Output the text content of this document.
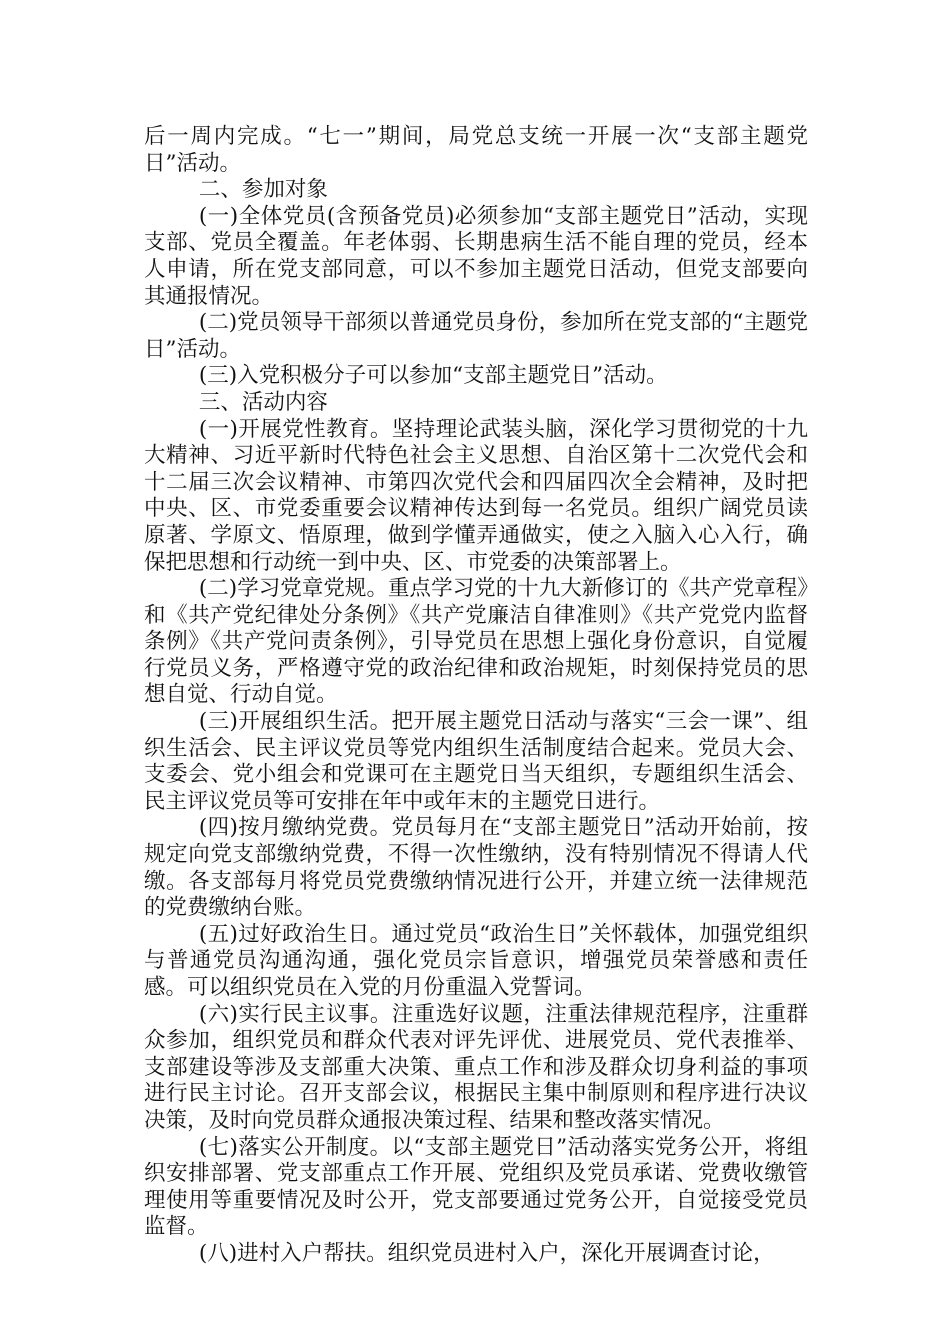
后一周内完成。“七一”期间，局党总支统一开展一次“支部主题党日”活动。

二、参加对象

(一)全体党员(含预备党员)必须参加“支部主题党日”活动，实现支部、党员全覆盖。年老体弱、长期患病生活不能自理的党员，经本人申请，所在党支部同意，可以不参加主题党日活动，但党支部要向其通报情况。

(二)党员领导干部须以普通党员身份，参加所在党支部的“主题党日”活动。

(三)入党积极分子可以参加“支部主题党日”活动。

三、活动内容

(一)开展党性教育。坚持理论武装头脑，深化学习贯彻党的十九大精神、习近平新时代特色社会主义思想、自治区第十二次党代会和十二届三次会议精神、市第四次党代会和四届四次全会精神，及时把中央、区、市党委重要会议精神传达到每一名党员。组织广阔党员读原著、学原文、悟原理，做到学懂弄通做实，使之入脑入心入行，确保把思想和行动统一到中央、区、市党委的决策部署上。

(二)学习党章党规。重点学习党的十九大新修订的《共产党章程》和《共产党纪律处分条例》《共产党廉洁自律准则》《共产党党内监督条例》《共产党问责条例》，引导党员在思想上强化身份意识，自觉履行党员义务，严格遵守党的政治纪律和政治规矩，时刻保持党员的思想自觉、行动自觉。

(三)开展组织生活。把开展主题党日活动与落实“三会一课”、组织生活会、民主评议党员等党内组织生活制度结合起来。党员大会、支委会、党小组会和党课可在主题党日当天组织，专题组织生活会、民主评议党员等可安排在年中或年末的主题党日进行。

(四)按月缴纳党费。党员每月在“支部主题党日”活动开始前，按规定向党支部缴纳党费，不得一次性缴纳，没有特别情况不得请人代缴。各支部每月将党员党费缴纳情况进行公开，并建立统一法律规范的党费缴纳台账。

(五)过好政治生日。通过党员“政治生日”关怀载体，加强党组织与普通党员沟通沟通，强化党员宗旨意识，增强党员荣誉感和责任感。可以组织党员在入党的月份重温入党誓词。

(六)实行民主议事。注重选好议题，注重法律规范程序，注重群众参加，组织党员和群众代表对评先评优、进展党员、党代表推举、支部建设等涉及支部重大决策、重点工作和涉及群众切身利益的事项进行民主讨论。召开支部会议，根据民主集中制原则和程序进行决议决策，及时向党员群众通报决策过程、结果和整改落实情况。

(七)落实公开制度。以“支部主题党日”活动落实党务公开，将组织安排部署、党支部重点工作开展、党组织及党员承诺、党费收缴管理使用等重要情况及时公开，党支部要通过党务公开，自觉接受党员监督。

(八)进村入户帮扶。组织党员进村入户，深化开展调查讨论，
